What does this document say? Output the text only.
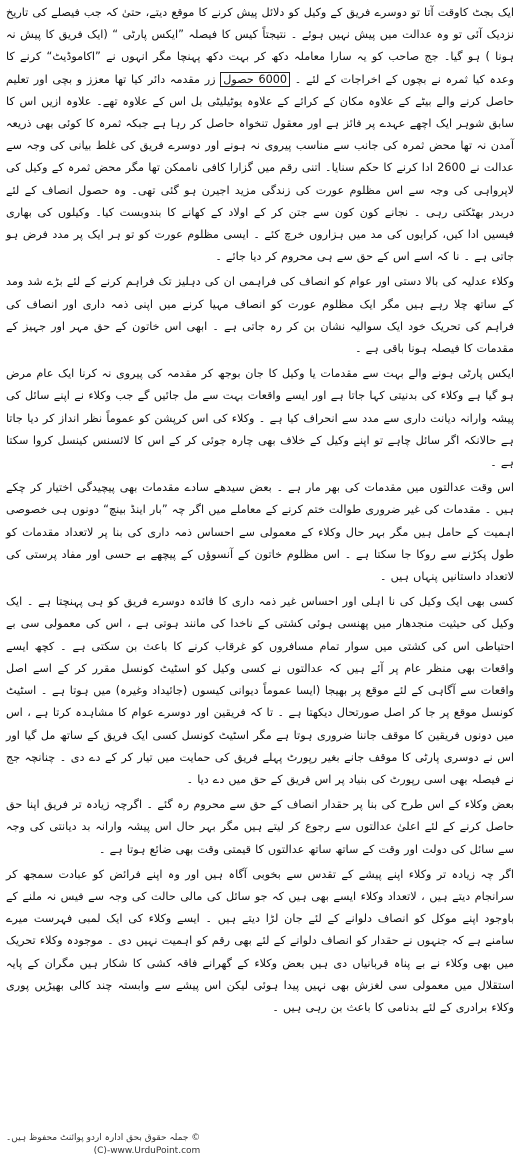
ایک بجٹ کاوقت آتا تو دوسرے فریق کے وکیل کو دلائل پیش کرنے کا موقع دیتے، حتیٰ کہ جب فیصلے کی تاریخ نزدیک آئی تو وہ عدالت میں پیش نہیں ہوئے ۔ نتیجتاً کیس کا فیصلہ ”ایکس پارٹی “ (ایک فریق کا پیش نہ ہونا ) ہو گیا۔ جج صاحب کو یہ سارا معاملہ دکھ کر بہت دکھ پہنچا مگر انہوں نے ”اکاموڈیٹ“ کرنے کا وعدہ کیا ثمرہ نے بچوں کے اخراجات کے لئے ۔ 6000 حصول زر مقدمہ دائر کیا تھا معزز و بچی اور تعلیم حاصل کرنے والے بیٹے کے علاوہ مکان کے کرائے کے علاوہ یوٹیلیٹی بل اس کے علاوہ تھے۔ علاوہ ازیں اس کا سابق شوہر ایک اچھے عہدے پر فائز ہے اور معقول تنخواہ حاصل کر رہا ہے جبکہ ثمرہ کا کوئی بھی ذریعہ آمدن نہ تھا محض ثمرہ کی جانب سے مناسب پیروی نہ ہونے اور دوسرے فریق کی غلط بیانی کی وجہ سے عدالت نے 2600 ادا کرنے کا حکم سنایا۔ اتنی رقم میں گزارا کافی ناممکن تھا مگر محض ثمرہ کے وکیل کی لاپرواہی کی وجہ سے اس مظلوم عورت کی زندگی مزید اجیرن ہو گئی تھی۔ وہ حصول انصاف کے لئے دربدر بھٹکتی رہی ۔ نجانے کون کون سے جتن کر کے اولاد کے کھانے کا بندوبست کیا۔ وکیلوں کی بھاری فیسیں ادا کیں، کرایوں کی مد میں ہزاروں خرچ کئے ۔ ایسی مظلوم عورت کو تو ہر ایک پر مدد فرض ہو جاتی ہے ۔ نا کہ اسے اس کے حق سے ہی محروم کر دیا جائے ۔

وکلاء عدلیہ کی بالا دستی اور عوام کو انصاف کی فراہمی ان کی دہلیز تک فراہم کرنے کے لئے بڑے شد ومد کے ساتھ چلا رہے ہیں مگر ایک مظلوم عورت کو انصاف مہیا کرنے میں اپنی ذمہ داری اور انصاف کی فراہم کی تحریک خود ایک سوالیہ نشان بن کر رہ جاتی ہے ۔ ابھی اس خاتون کے حق مہر اور جہیز کے مقدمات کا فیصلہ ہونا باقی ہے ۔

ایکس پارٹی ہونے والے بہت سے مقدمات یا وکیل کا جان بوجھ کر مقدمہ کی پیروی نہ کرنا ایک عام مرض ہو گیا ہے وکلاء کی بدنیتی کہا جاتا ہے اور ایسے واقعات بہت سے مل جائیں گے جب وکلاء نے اپنے سائل کی پیشہ وارانہ دیانت داری سے مدد سے انحراف کیا ہے ۔ وکلاء کی اس کرپشن کو عموماً نظر انداز کر دیا جاتا ہے حالانکہ اگر سائل چاہے تو اپنے وکیل کے خلاف بھی چارہ جوئی کر کے اس کا لائسنس کینسل کروا سکتا ہے ۔

اس وقت عدالتوں میں مقدمات کی بھر مار ہے ۔ بعض سیدھے سادے مقدمات بھی پیچیدگی اختیار کر چکے ہیں ۔ مقدمات کی غیر ضروری طوالت ختم کرنے کے معاملے میں اگر چہ ”بار اینڈ بینچ“ دونوں ہی خصوصی اہمیت کے حامل ہیں مگر بہر حال وکلاء کے معمولی سے احساس ذمہ داری کی بنا پر لاتعداد مقدمات کو طول پکڑنے سے روکا جا سکتا ہے ۔ اس مظلوم خاتون کے آنسوؤں کے پیچھے بے حسی اور مفاد پرستی کی لاتعداد داستانیں پنہاں ہیں ۔

کسی بھی ایک وکیل کی نا اہلی اور احساس غیر ذمہ داری کا فائدہ دوسرے فریق کو ہی پہنچتا ہے ۔ ایک وکیل کی حیثیت منجدھار میں پھنسی ہوئی کشتی کے ناخدا کی مانند ہوتی ہے ، اس کی معمولی سی بے احتیاطی اس کی کشتی میں سوار تمام مسافروں کو غرقاب کرنے کا باعث بن سکتی ہے ۔ کچھ ایسے واقعات بھی منظر عام پر آئے ہیں کہ عدالتوں نے کسی وکیل کو اسٹیٹ کونسل مقرر کر کے اسے اصل واقعات سے آگاہی کے لئے موقع پر بھیجا (ایسا عموماً دیوانی کیسوں (جائیداد وغیرہ) میں ہوتا ہے ۔ اسٹیٹ کونسل موقع پر جا کر اصل صورتحال دیکھتا ہے ۔ تا کہ فریقین اور دوسرے عوام کا مشاہدہ کرتا ہے ، اس میں دونوں فریقین کا موقف جاننا ضروری ہوتا ہے مگر اسٹیٹ کونسل کسی ایک فریق کے ساتھ مل گیا اور اس نے دوسری پارٹی کا موقف جانے بغیر رپورٹ پہلے فریق کی حمایت میں تیار کر کے دے دی ۔ چنانچہ جج نے فیصلہ بھی اسی رپورٹ کی بنیاد پر اس فریق کے حق میں دے دیا ۔

بعض وکلاء کے اس طرح کی بنا پر حقدار انصاف کے حق سے محروم رہ گئے ۔ اگرچہ زیادہ تر فریق اپنا حق حاصل کرنے کے لئے اعلیٰ عدالتوں سے رجوع کر لیتے ہیں مگر بہر حال اس پیشہ وارانہ بد دیانتی کی وجہ سے سائل کی دولت اور وقت کے ساتھ ساتھ عدالتوں کا قیمتی وقت بھی ضائع ہوتا ہے ۔

اگر چہ زیادہ تر وکلاء اپنے پیشے کے تقدس سے بخوبی آگاہ ہیں اور وہ اپنے فرائض کو عبادت سمجھ کر سرانجام دیتے ہیں ، لاتعداد وکلاء ایسے بھی ہیں کہ جو سائل کی مالی حالت کی وجہ سے فیس نہ ملنے کے باوجود اپنے موکل کو انصاف دلوانے کے لئے جان لڑا دیتے ہیں ۔ ایسے وکلاء کی ایک لمبی فہرست میرے سامنے ہے کہ جنہوں نے حقدار کو انصاف دلوانے کے لئے بھی رقم کو اہمیت نہیں دی ۔ موجودہ وکلاء تحریک میں بھی وکلاء نے بے پناہ قربانیاں دی ہیں بعض وکلاء کے گھرانے فاقہ کشی کا شکار ہیں مگران کے پایہ استقلال میں معمولی سی لغزش بھی نہیں پیدا ہوئی لیکن اس پیشے سے وابستہ چند کالی بھیڑیں پوری وکلاء برادری کے لئے بدنامی کا باعث بن رہی ہیں ۔

© جملہ حقوق بحق ادارہ اردو پوائنٹ محفوظ ہیں۔
(C)-www.UrduPoint.com
